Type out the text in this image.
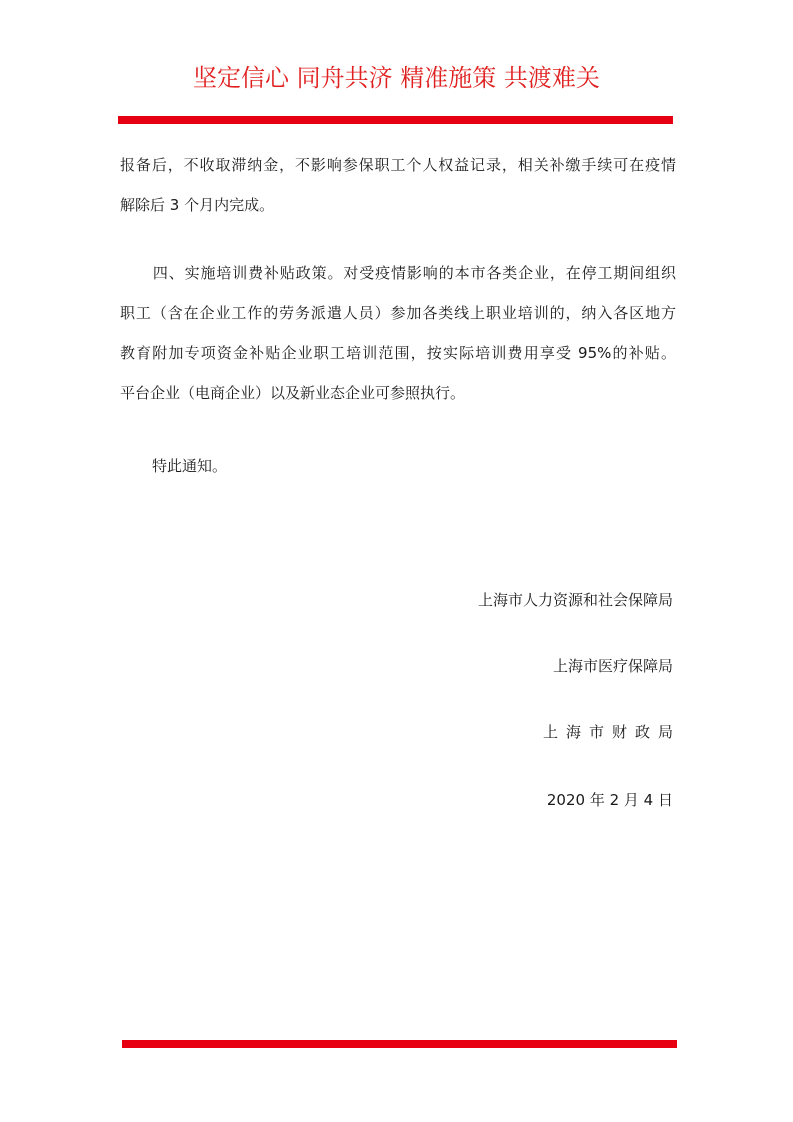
坚定信心 同舟共济 精准施策 共渡难关
报备后，不收取滞纳金，不影响参保职工个人权益记录，相关补缴手续可在疫情
解除后 3 个月内完成。
四、实施培训费补贴政策。对受疫情影响的本市各类企业，在停工期间组织
职工（含在企业工作的劳务派遣人员）参加各类线上职业培训的，纳入各区地方
教育附加专项资金补贴企业职工培训范围，按实际培训费用享受 95%的补贴。
平台企业（电商企业）以及新业态企业可参照执行。
特此通知。
上海市人力资源和社会保障局
上海市医疗保障局
上海市财政局
2020 年 2 月 4 日
